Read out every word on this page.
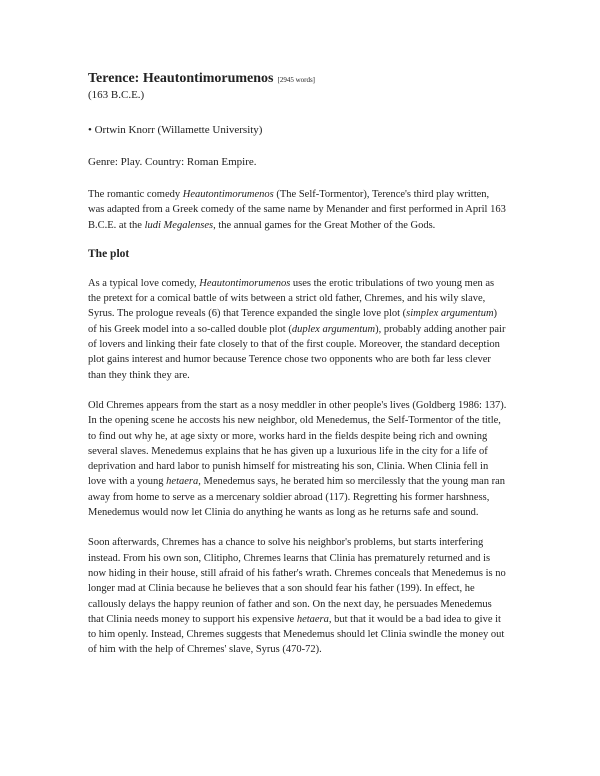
Terence: Heautontimorumenos [2945 words]
(163 B.C.E.)
• Ortwin Knorr (Willamette University)
Genre: Play. Country: Roman Empire.

The romantic comedy Heautontimorumenos (The Self-Tormentor), Terence's third play written, was adapted from a Greek comedy of the same name by Menander and first performed in April 163 B.C.E. at the ludi Megalenses, the annual games for the Great Mother of the Gods.

The plot

As a typical love comedy, Heautontimorumenos uses the erotic tribulations of two young men as the pretext for a comical battle of wits between a strict old father, Chremes, and his wily slave, Syrus. The prologue reveals (6) that Terence expanded the single love plot (simplex argumentum) of his Greek model into a so-called double plot (duplex argumentum), probably adding another pair of lovers and linking their fate closely to that of the first couple. Moreover, the standard deception plot gains interest and humor because Terence chose two opponents who are both far less clever than they think they are.

Old Chremes appears from the start as a nosy meddler in other people's lives (Goldberg 1986: 137). In the opening scene he accosts his new neighbor, old Menedemus, the Self-Tormentor of the title, to find out why he, at age sixty or more, works hard in the fields despite being rich and owning several slaves. Menedemus explains that he has given up a luxurious life in the city for a life of deprivation and hard labor to punish himself for mistreating his son, Clinia. When Clinia fell in love with a young hetaera, Menedemus says, he berated him so mercilessly that the young man ran away from home to serve as a mercenary soldier abroad (117). Regretting his former harshness, Menedemus would now let Clinia do anything he wants as long as he returns safe and sound.

Soon afterwards, Chremes has a chance to solve his neighbor's problems, but starts interfering instead. From his own son, Clitipho, Chremes learns that Clinia has prematurely returned and is now hiding in their house, still afraid of his father's wrath. Chremes conceals that Menedemus is no longer mad at Clinia because he believes that a son should fear his father (199). In effect, he callously delays the happy reunion of father and son. On the next day, he persuades Menedemus that Clinia needs money to support his expensive hetaera, but that it would be a bad idea to give it to him openly. Instead, Chremes suggests that Menedemus should let Clinia swindle the money out of him with the help of Chremes' slave, Syrus (470-72).
